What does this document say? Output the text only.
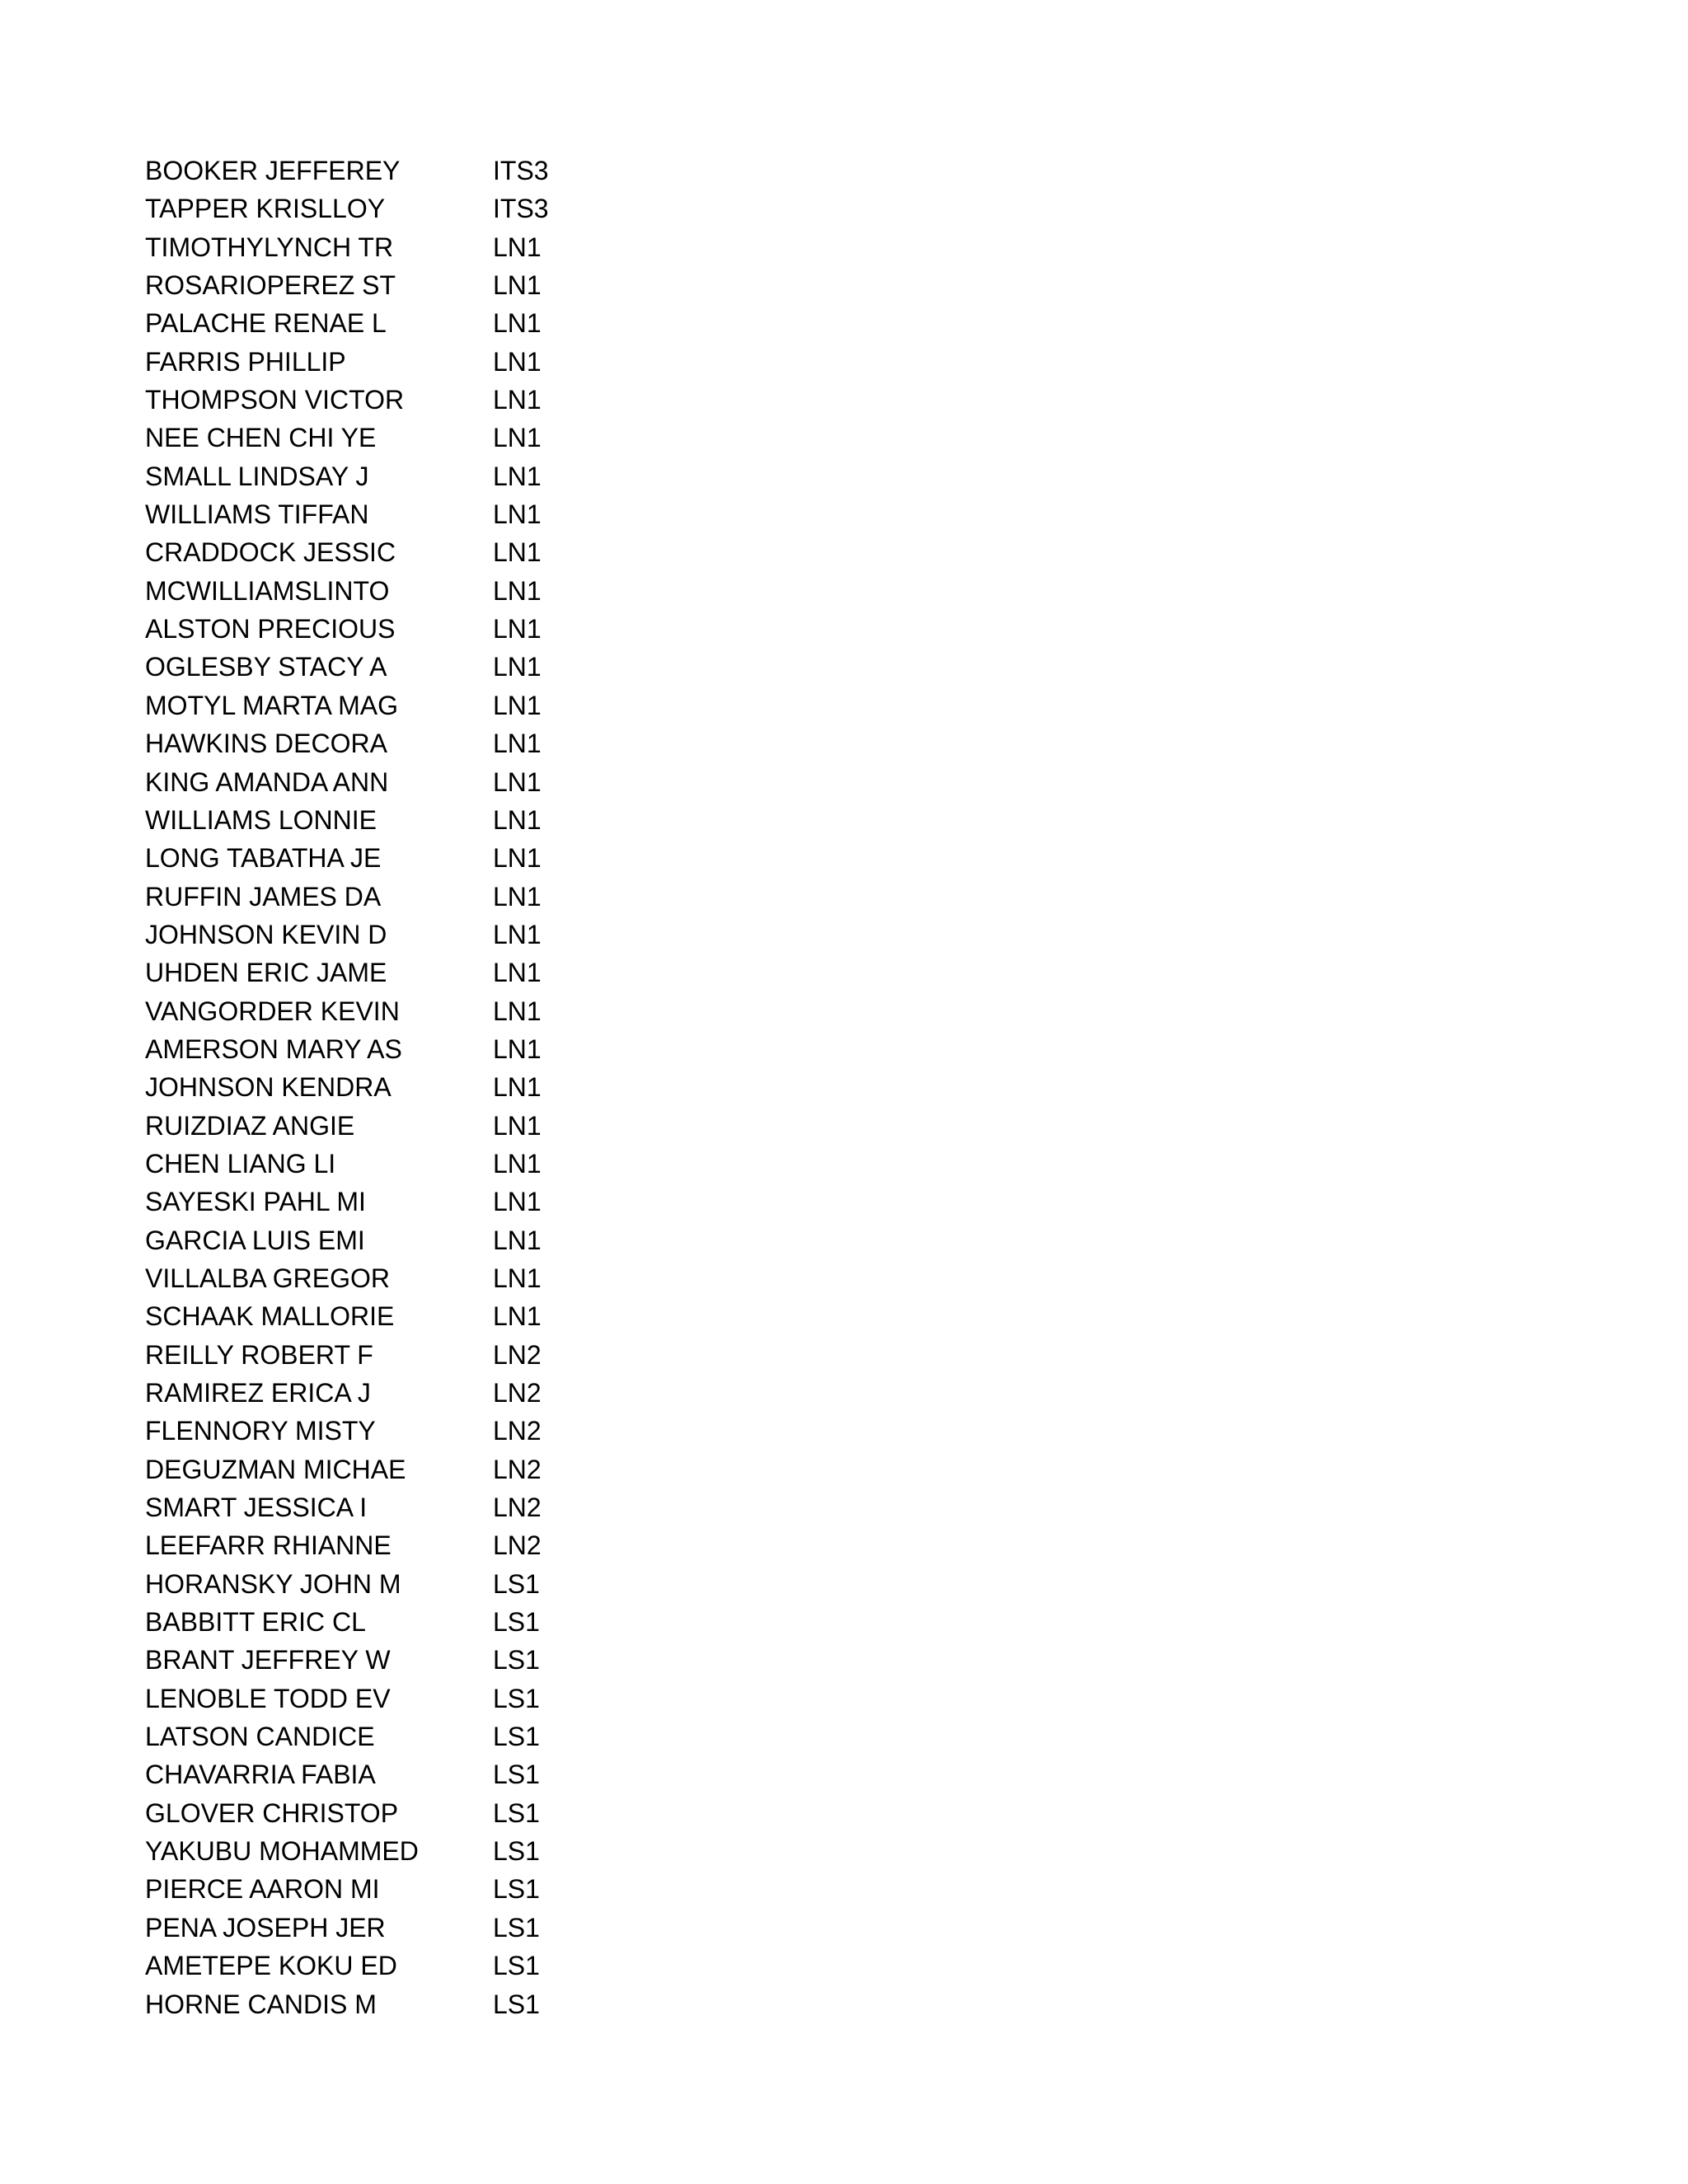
BOOKER JEFFEREY	ITS3
TAPPER KRISLLOY	ITS3
TIMOTHYLYNCH TR	LN1
ROSARIOPEREZ ST	LN1
PALACHE RENAE L	LN1
FARRIS PHILLIP	LN1
THOMPSON VICTOR	LN1
NEE CHEN CHI YE	LN1
SMALL LINDSAY J	LN1
WILLIAMS TIFFAN	LN1
CRADDOCK JESSIC	LN1
MCWILLIAMSLINTO	LN1
ALSTON PRECIOUS	LN1
OGLESBY STACY A	LN1
MOTYL MARTA MAG	LN1
HAWKINS DECORA	LN1
KING AMANDA ANN	LN1
WILLIAMS LONNIE	LN1
LONG TABATHA JE	LN1
RUFFIN JAMES DA	LN1
JOHNSON KEVIN D	LN1
UHDEN ERIC JAME	LN1
VANGORDER KEVIN	LN1
AMERSON MARY AS	LN1
JOHNSON KENDRA	LN1
RUIZDIAZ ANGIE	LN1
CHEN LIANG LI	LN1
SAYESKI PAHL MI	LN1
GARCIA LUIS EMI	LN1
VILLALBA GREGOR	LN1
SCHAAK MALLORIE	LN1
REILLY ROBERT F	LN2
RAMIREZ ERICA J	LN2
FLENNORY MISTY	LN2
DEGUZMAN MICHAE	LN2
SMART JESSICA I	LN2
LEEFARR RHIANNE	LN2
HORANSKY JOHN M	LS1
BABBITT ERIC CL	LS1
BRANT JEFFREY W	LS1
LENOBLE TODD EV	LS1
LATSON CANDICE	LS1
CHAVARRIA FABIA	LS1
GLOVER CHRISTOP	LS1
YAKUBU MOHAMMED	LS1
PIERCE AARON MI	LS1
PENA JOSEPH JER	LS1
AMETEPE KOKU ED	LS1
HORNE CANDIS M	LS1
